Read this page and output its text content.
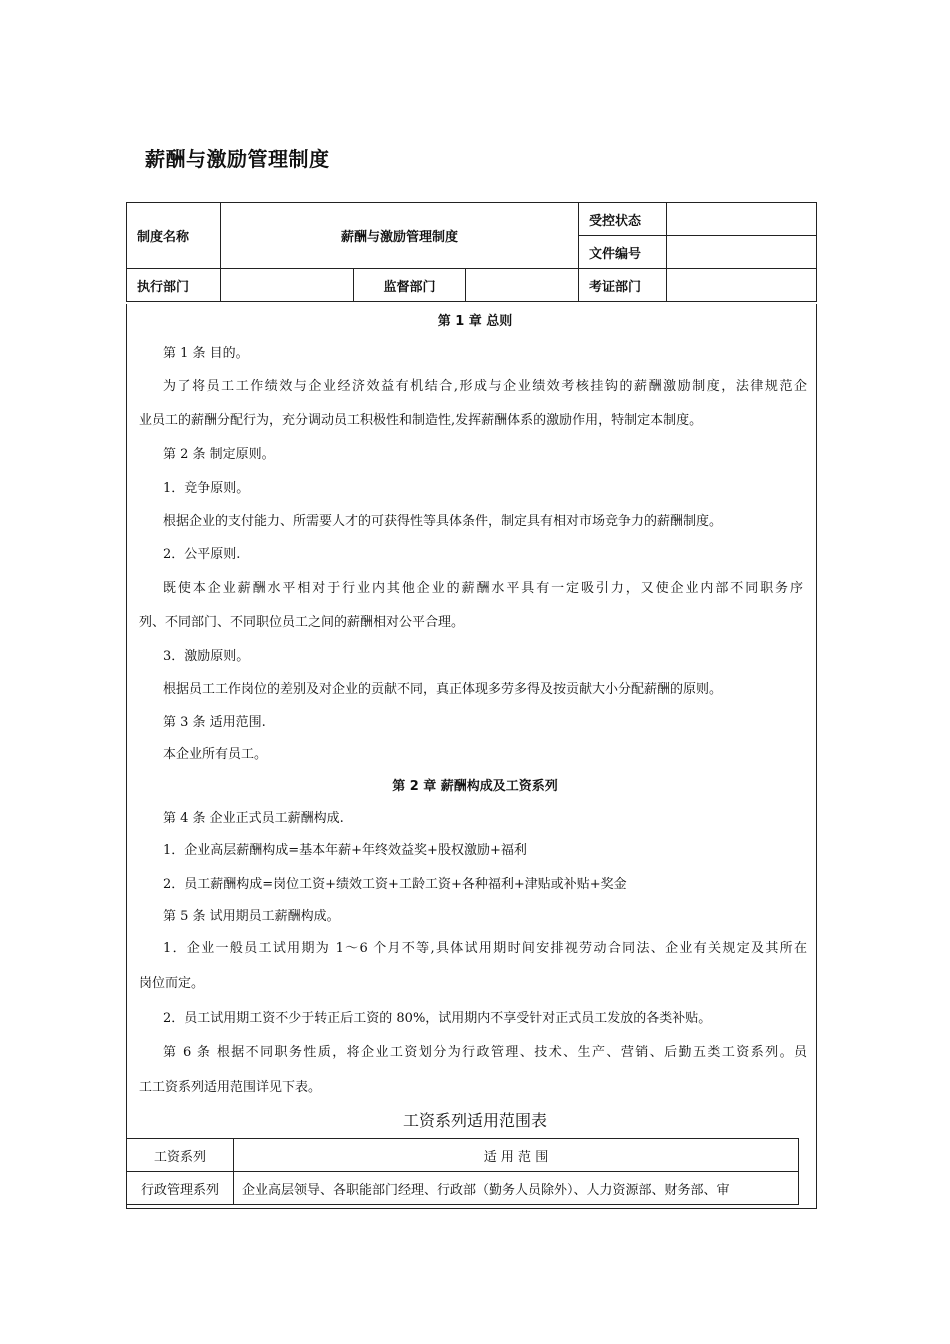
薪酬与激励管理制度
制度名称	薪酬与激励管理制度			受控状态	
				文件编号	
执行部门		监督部门		考证部门	
第 1 章 总则
第 1 条 目的。
为了将员工工作绩效与企业经济效益有机结合,形成与企业绩效考核挂钩的薪酬激励制度，法律规范企
业员工的薪酬分配行为，充分调动员工积极性和制造性,发挥薪酬体系的激励作用，特制定本制度。
第 2 条 制定原则。
1．竞争原则。
根据企业的支付能力、所需要人才的可获得性等具体条件，制定具有相对市场竞争力的薪酬制度。
2．公平原则.
既使本企业薪酬水平相对于行业内其他企业的薪酬水平具有一定吸引力，又使企业内部不同职务序
列、不同部门、不同职位员工之间的薪酬相对公平合理。
3．激励原则。
根据员工工作岗位的差别及对企业的贡献不同，真正体现多劳多得及按贡献大小分配薪酬的原则。
第 3 条 适用范围.
本企业所有员工。
第 2 章 薪酬构成及工资系列
第 4 条 企业正式员工薪酬构成.
1．企业高层薪酬构成=基本年薪+年终效益奖+股权激励+福利
2．员工薪酬构成=岗位工资+绩效工资+工龄工资+各种福利+津贴或补贴+奖金
第 5 条 试用期员工薪酬构成。
1．企业一般员工试用期为 1～6 个月不等,具体试用期时间安排视劳动合同法、企业有关规定及其所在
岗位而定。
2．员工试用期工资不少于转正后工资的 80%，试用期内不享受针对正式员工发放的各类补贴。
第 6 条 根据不同职务性质，将企业工资划分为行政管理、技术、生产、营销、后勤五类工资系列。员
工工资系列适用范围详见下表。
工资系列适用范围表
工资系列	适 用 范 围
行政管理系列	企业高层领导、各职能部门经理、行政部（勤务人员除外）、人力资源部、财务部、审
